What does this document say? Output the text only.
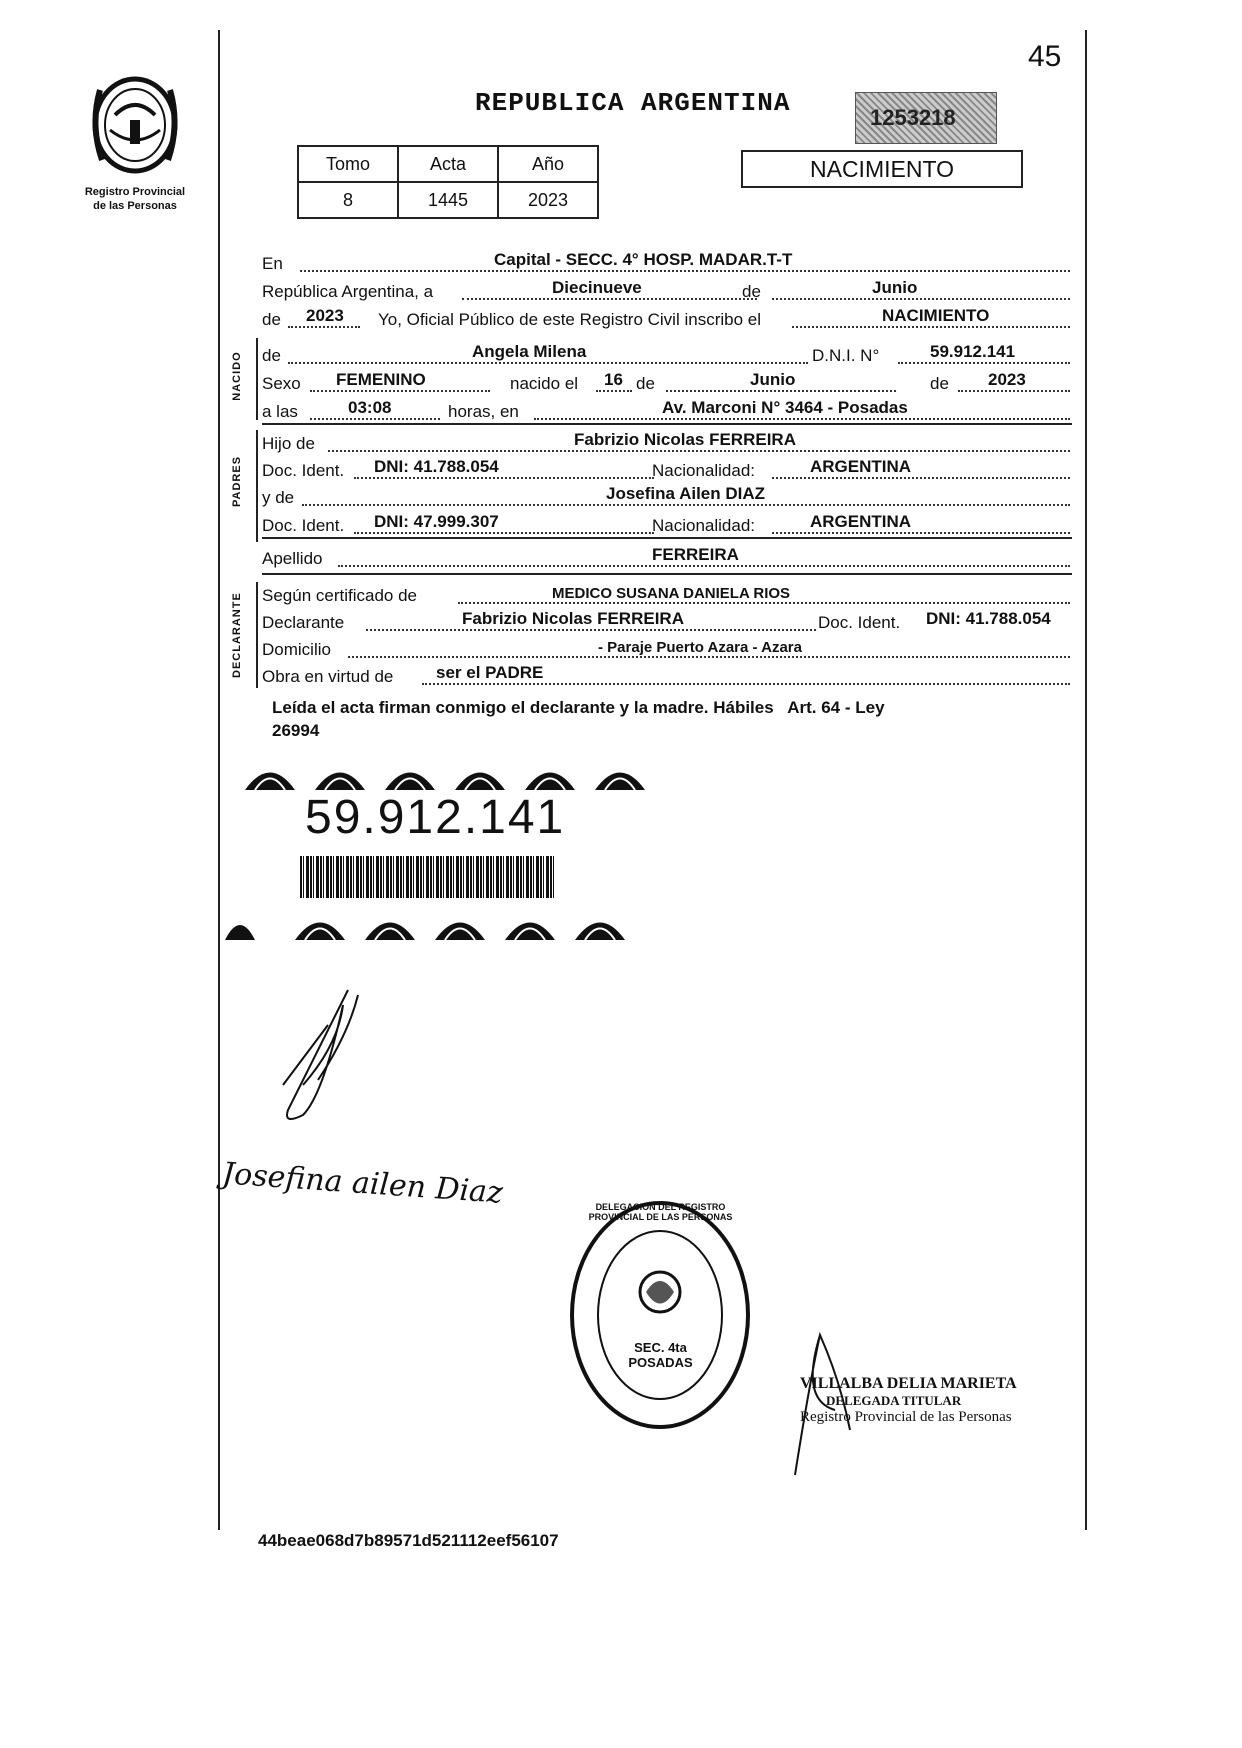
45
Registro Provincial
de las Personas
REPUBLICA ARGENTINA	1253218
NACIMIENTO
Tomo	Acta	Año
8	1445	2023
En	Capital - SECC. 4° HOSP. MADAR.T-T
República Argentina, a	Diecinueve	de	Junio
de 2023 Yo, Oficial Público de este Registro Civil inscribo el	NACIMIENTO
NACIDO de	Angela Milena	D.N.I. N°	59.912.141
Sexo FEMENINO	nacido el 16 de	Junio	de 2023
a las	03:08	horas, en	Av. Marconi N° 3464 - Posadas
PADRES
Hijo de	Fabrizio Nicolas FERREIRA
Doc. Ident. DNI: 41.788.054	Nacionalidad:	ARGENTINA
y de	Josefina Ailen DIAZ
Doc. Ident. DNI: 47.999.307	Nacionalidad:	ARGENTINA
Apellido	FERREIRA
DECLARANTE Según certificado de	MEDICO SUSANA DANIELA RIOS
Declarante	Fabrizio Nicolas FERREIRA	Doc. Ident. DNI: 41.788.054
Domicilio	- Paraje Puerto Azara - Azara
Obra en virtud de	ser el PADRE
Leída el acta firman conmigo el declarante y la madre. Hábiles   Art. 64 - Ley
26994
59.912.141
Josefina ailen Diaz	DELEGACION DEL REGISTRO PROVINCIAL DE LAS PERSONAS
SEC. 4ta POSADAS
VILLALBA DELIA MARIETA
DELEGADA TITULAR
Registro Provincial de las Personas
44beae068d7b89571d521112eef56107
